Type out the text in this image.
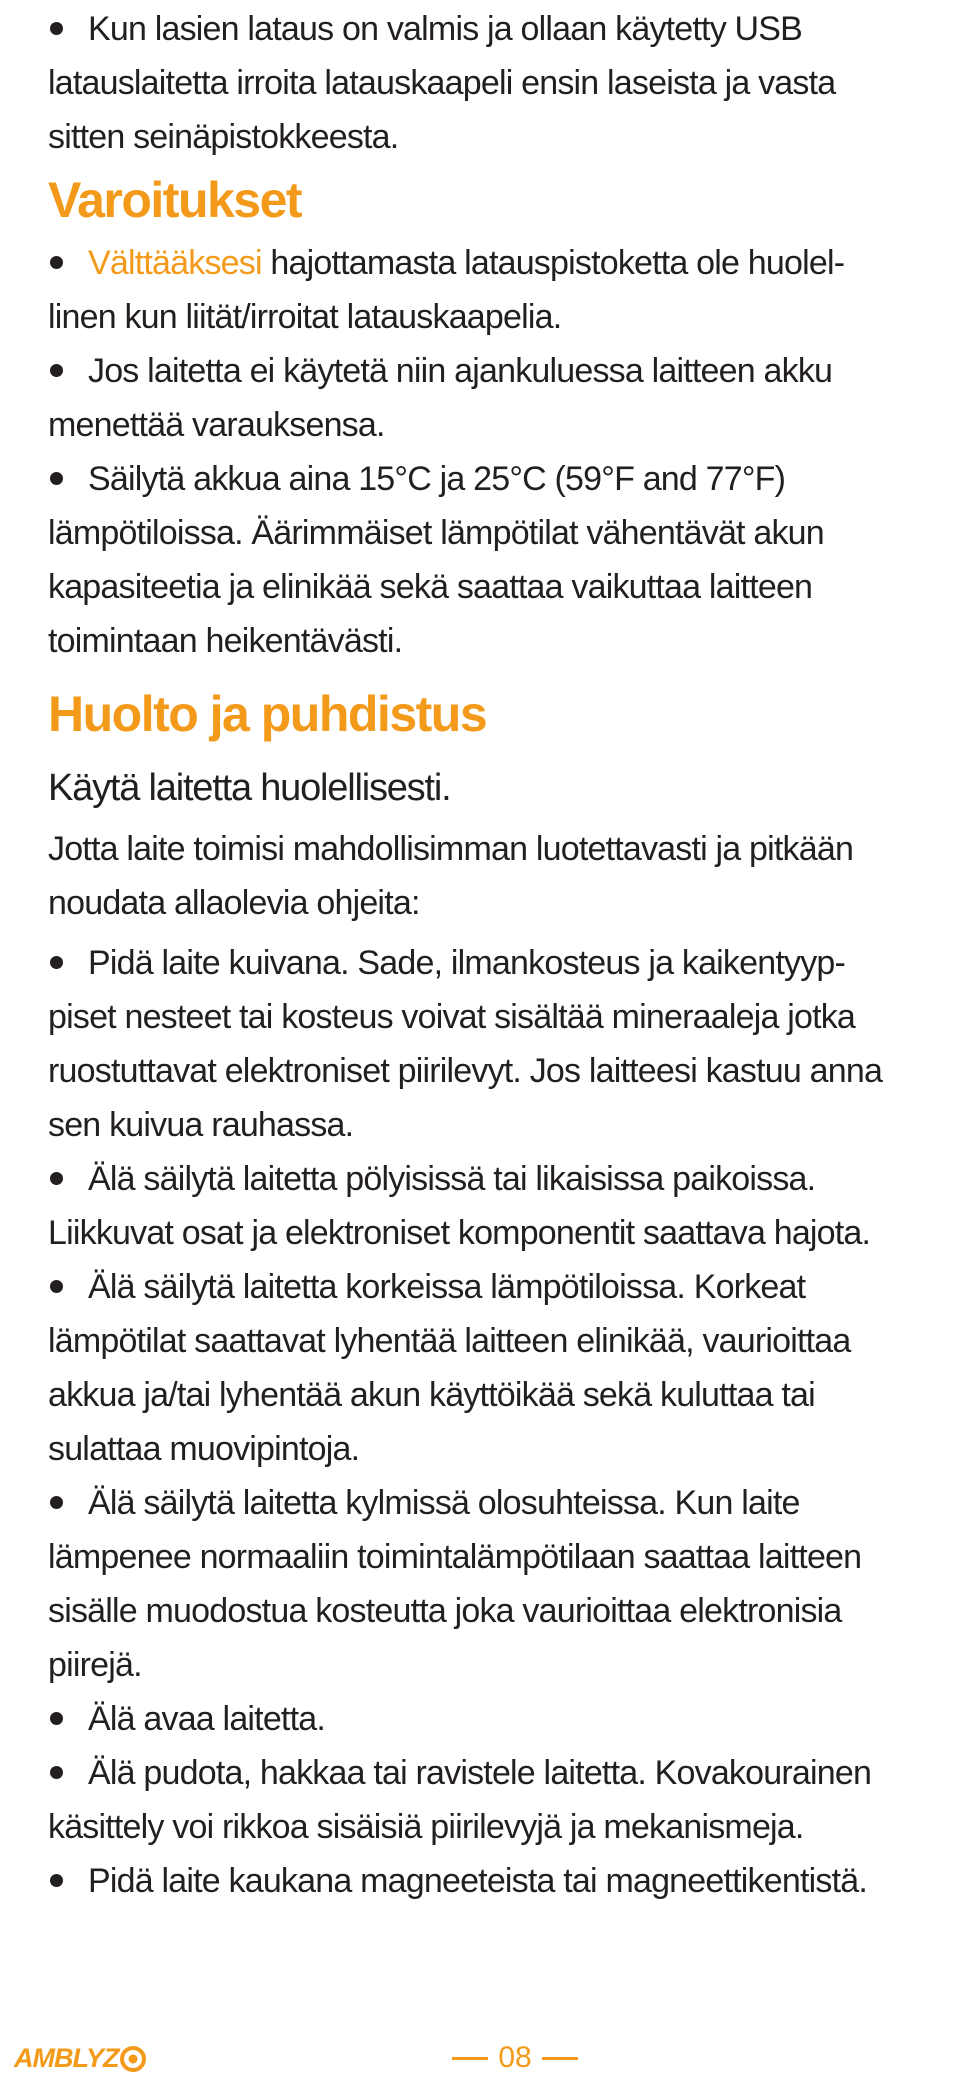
Kun lasien lataus on valmis ja ollaan käytetty USB

latauslaitetta irroita latauskaapeli ensin laseista ja vasta

sitten seinäpistokkeesta.

Varoitukset
Välttääksesi hajottamasta latauspistoketta ole huolel-

linen kun liität/irroitat latauskaapelia.

Jos laitetta ei käytetä niin ajankuluessa laitteen akku

menettää varauksensa.

Säilytä akkua aina 15°C ja 25°C (59°F and 77°F)

lämpötiloissa. Äärimmäiset lämpötilat vähentävät akun

kapasiteetia ja elinikää sekä saattaa vaikuttaa laitteen

toimintaan heikentävästi.

Huolto ja puhdistus
Käytä laitetta huolellisesti.

Jotta laite toimisi mahdollisimman luotettavasti ja pitkään

noudata allaolevia ohjeita:

Pidä laite kuivana. Sade, ilmankosteus ja kaikentyyp-

piset nesteet tai kosteus voivat sisältää mineraaleja jotka

ruostuttavat elektroniset piirilevyt. Jos laitteesi kastuu anna

sen kuivua rauhassa.

Älä säilytä laitetta pölyisissä tai likaisissa paikoissa.

Liikkuvat osat ja elektroniset komponentit saattava hajota.

Älä säilytä laitetta korkeissa lämpötiloissa. Korkeat

lämpötilat saattavat lyhentää laitteen elinikää, vaurioittaa

akkua ja/tai lyhentää akun käyttöikää sekä kuluttaa tai

sulattaa muovipintoja.

Älä säilytä laitetta kylmissä olosuhteissa. Kun laite

lämpenee normaaliin toimintalämpötilaan saattaa laitteen

sisälle muodostua kosteutta joka vaurioittaa elektronisia

piirejä.

Älä avaa laitetta.
Älä pudota, hakkaa tai ravistele laitetta. Kovakourainen

käsittely voi rikkoa sisäisiä piirilevyjä ja mekanismeja.

Pidä laite kaukana magneeteista tai magneettikentistä.
AMBLYZ	08
